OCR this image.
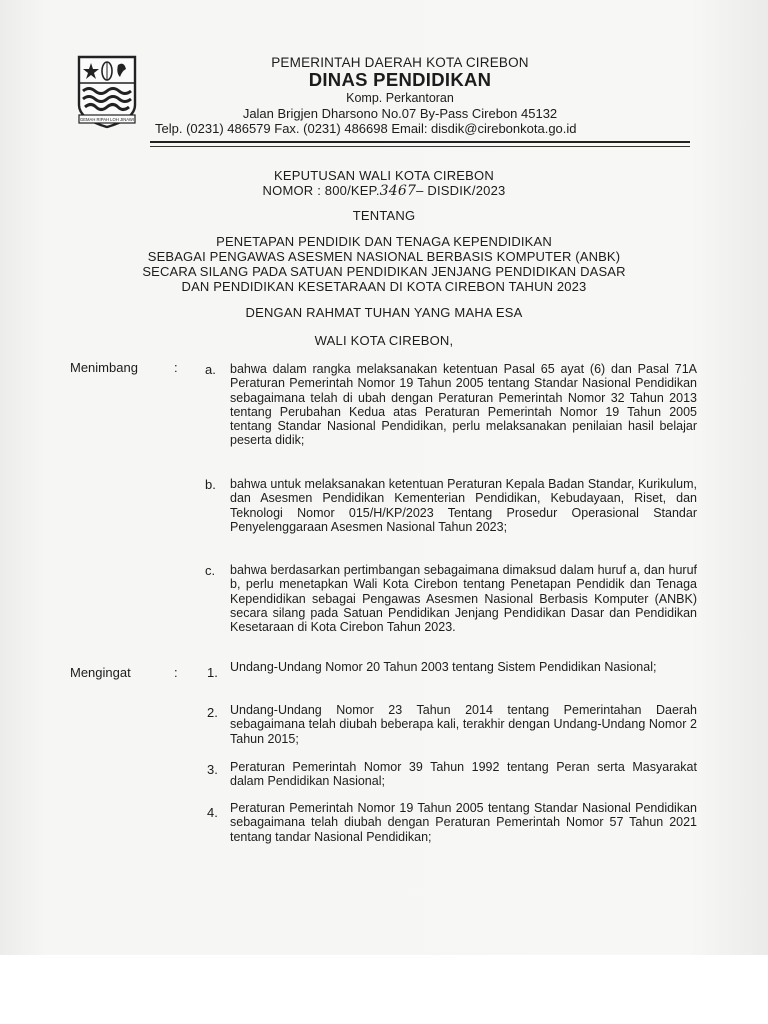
GEMAH RIPAH LOH JINAWI
PEMERINTAH DAERAH KOTA CIREBON
DINAS PENDIDIKAN
Komp. Perkantoran
Jalan Brigjen Dharsono No.07 By-Pass Cirebon 45132
Telp. (0231) 486579 Fax. (0231) 486698 Email: disdik@cirebonkota.go.id
KEPUTUSAN WALI KOTA CIREBON
NOMOR : 800/KEP.3467– DISDIK/2023
TENTANG
PENETAPAN PENDIDIK DAN TENAGA KEPENDIDIKAN
SEBAGAI PENGAWAS ASESMEN NASIONAL BERBASIS KOMPUTER (ANBK)
SECARA SILANG PADA SATUAN PENDIDIKAN JENJANG PENDIDIKAN DASAR
DAN PENDIDIKAN KESETARAAN DI KOTA CIREBON TAHUN 2023
DENGAN RAHMAT TUHAN YANG MAHA ESA
WALI KOTA CIREBON,
Menimbang	: a. bahwa dalam rangka melaksanakan ketentuan Pasal 65 ayat (6) dan Pasal 71A Peraturan Pemerintah Nomor 19 Tahun 2005 tentang Standar Nasional Pendidikan sebagaimana telah di ubah dengan Peraturan Pemerintah Nomor 32 Tahun 2013 tentang Perubahan Kedua atas Peraturan Pemerintah Nomor 19 Tahun 2005 tentang Standar Nasional Pendidikan, perlu melaksanakan penilaian hasil belajar peserta didik;
b. bahwa untuk melaksanakan ketentuan Peraturan Kepala Badan Standar, Kurikulum, dan Asesmen Pendidikan Kementerian Pendidikan, Kebudayaan, Riset, dan Teknologi Nomor 015/H/KP/2023 Tentang Prosedur Operasional Standar Penyelenggaraan Asesmen Nasional Tahun 2023;
c. bahwa berdasarkan pertimbangan sebagaimana dimaksud dalam huruf a, dan huruf b, perlu menetapkan Wali Kota Cirebon tentang Penetapan Pendidik dan Tenaga Kependidikan sebagai Pengawas Asesmen Nasional Berbasis Komputer (ANBK) secara silang pada Satuan Pendidikan Jenjang Pendidikan Dasar dan Pendidikan Kesetaraan di Kota Cirebon Tahun 2023.
Mengingat	: 1. Undang-Undang Nomor 20 Tahun 2003 tentang Sistem Pendidikan Nasional;
2. Undang-Undang Nomor 23 Tahun 2014 tentang Pemerintahan Daerah sebagaimana telah diubah beberapa kali, terakhir dengan Undang-Undang Nomor 2 Tahun 2015;
3. Peraturan Pemerintah Nomor 39 Tahun 1992 tentang Peran serta Masyarakat dalam Pendidikan Nasional;
4. Peraturan Pemerintah Nomor 19 Tahun 2005 tentang Standar Nasional Pendidikan sebagaimana telah diubah dengan Peraturan Pemerintah Nomor 57 Tahun 2021 tentang tandar Nasional Pendidikan;
